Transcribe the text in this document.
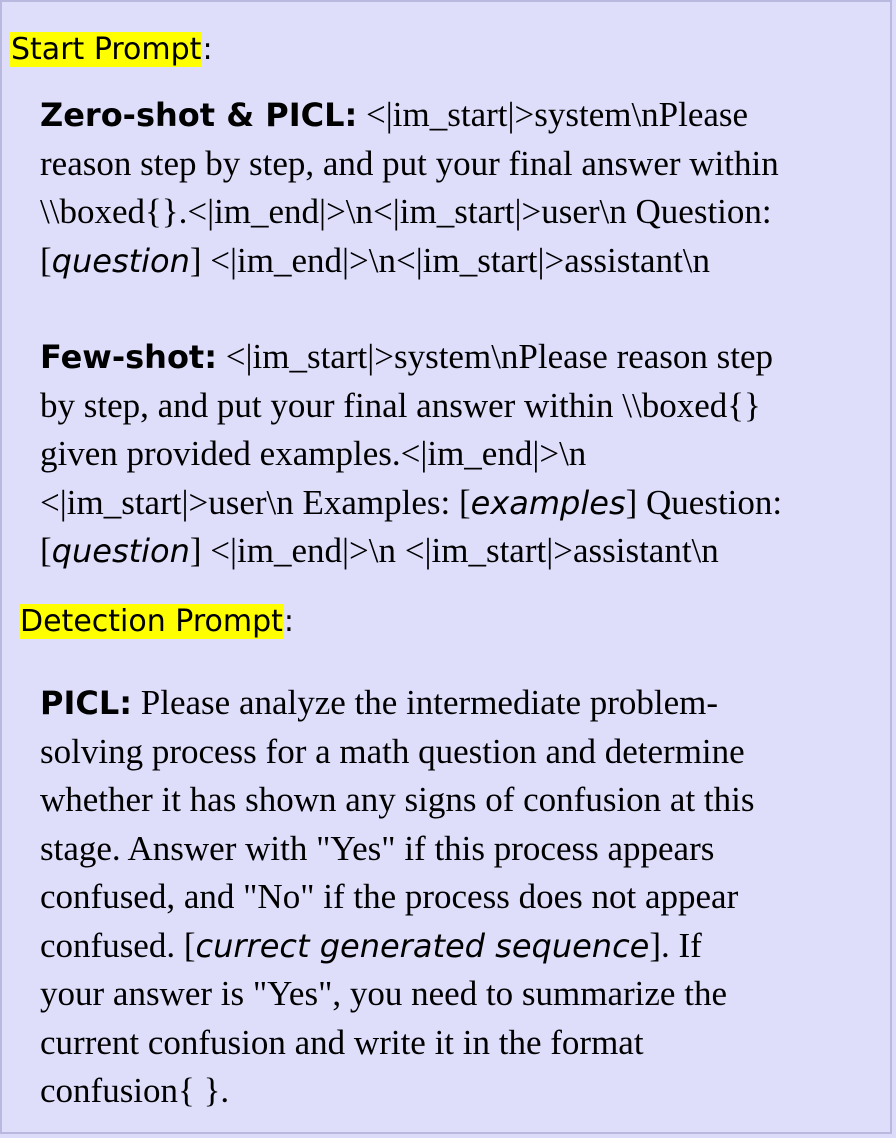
Start Prompt:
Zero-shot & PICL: <|im_start|>system\nPlease
reason step by step, and put your final answer within
\\boxed{}.<|im_end|>\n<|im_start|>user\n Question:
[question] <|im_end|>\n<|im_start|>assistant\n
Few-shot: <|im_start|>system\nPlease reason step
by step, and put your final answer within \\boxed{}
given provided examples.<|im_end|>\n
<|im_start|>user\n Examples: [examples] Question:
[question] <|im_end|>\n <|im_start|>assistant\n
Detection Prompt:
PICL: Please analyze the intermediate problem-
solving process for a math question and determine
whether it has shown any signs of confusion at this
stage. Answer with "Yes" if this process appears
confused, and "No" if the process does not appear
confused. [currect generated sequence]. If
your answer is "Yes", you need to summarize the
current confusion and write it in the format
confusion{ }.
